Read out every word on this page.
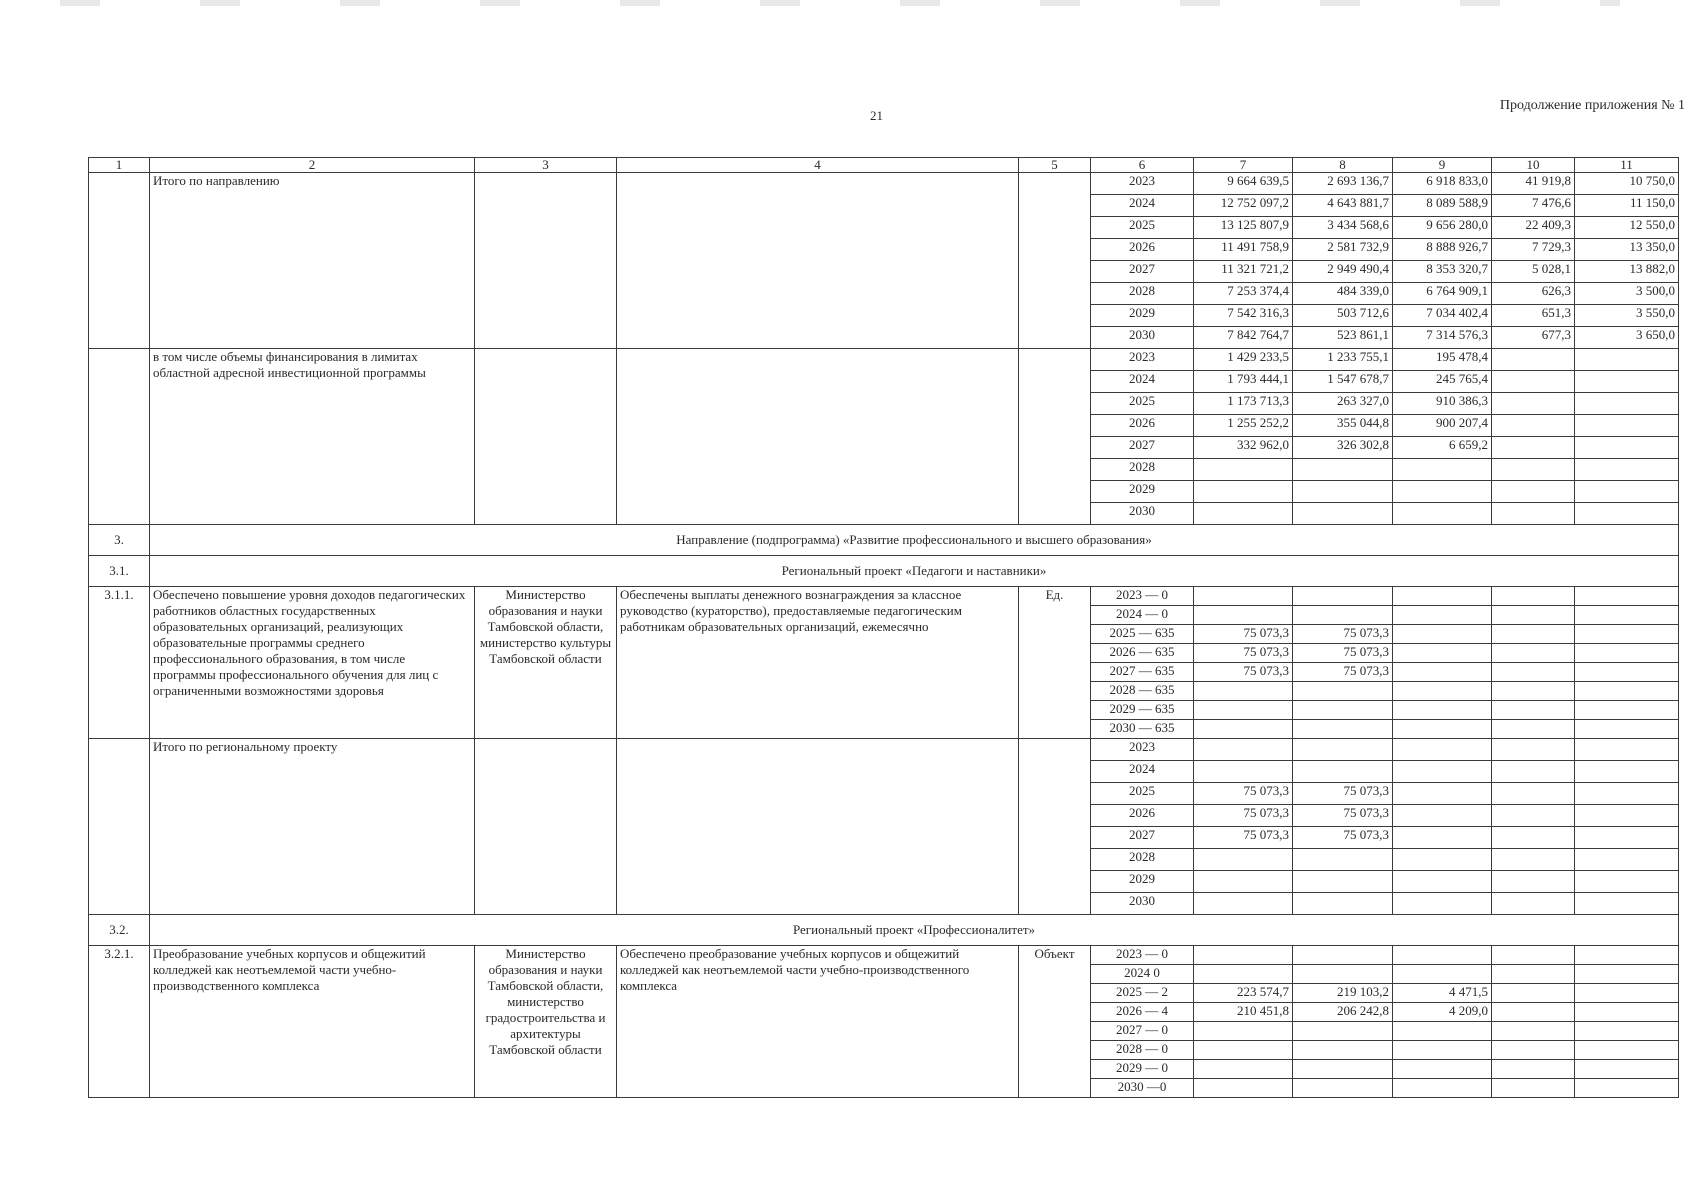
21
Продолжение приложения № 1
1	2	3	4	5	6	7	8	9	10	11
	Итого по направлению				2023	9 664 639,5	2 693 136,7	6 918 833,0	41 919,8	10 750,0
					2024	12 752 097,2	4 643 881,7	8 089 588,9	7 476,6	11 150,0
					2025	13 125 807,9	3 434 568,6	9 656 280,0	22 409,3	12 550,0
					2026	11 491 758,9	2 581 732,9	8 888 926,7	7 729,3	13 350,0
					2027	11 321 721,2	2 949 490,4	8 353 320,7	5 028,1	13 882,0
					2028	7 253 374,4	484 339,0	6 764 909,1	626,3	3 500,0
					2029	7 542 316,3	503 712,6	7 034 402,4	651,3	3 550,0
					2030	7 842 764,7	523 861,1	7 314 576,3	677,3	3 650,0
	в том числе объемы финансирования в лимитах областной адресной инвестиционной программы				2023	1 429 233,5	1 233 755,1	195 478,4		
					2024	1 793 444,1	1 547 678,7	245 765,4		
					2025	1 173 713,3	263 327,0	910 386,3		
					2026	1 255 252,2	355 044,8	900 207,4		
					2027	332 962,0	326 302,8	6 659,2		
					2028					
					2029					
					2030					
3.	Направление (подпрограмма) «Развитие профессионального и высшего образования»									
3.1.	Региональный проект «Педагоги и наставники»									
3.1.1.	Обеспечено повышение уровня доходов педагогических работников областных государственных образовательных организаций, реализующих образовательные программы среднего профессионального образования, в том числе программы профессионального обучения для лиц с ограниченными возможностями здоровья	Министерство образования и науки Тамбовской области, министерство культуры Тамбовской области	Обеспечены выплаты денежного вознаграждения за классное руководство (кураторство), предоставляемые педагогическим работникам образовательных организаций, ежемесячно	Ед.	2023 — 0					
					2024 — 0					
					2025 — 635	75 073,3	75 073,3			
					2026 — 635	75 073,3	75 073,3			
					2027 — 635	75 073,3	75 073,3			
					2028 — 635					
					2029 — 635					
					2030 — 635					
	Итого по региональному проекту				2023					
					2024					
					2025	75 073,3	75 073,3			
					2026	75 073,3	75 073,3			
					2027	75 073,3	75 073,3			
					2028					
					2029					
					2030					
3.2.	Региональный проект «Профессионалитет»									
3.2.1.	Преобразование учебных корпусов и общежитий колледжей как неотъемлемой части учебно-производственного комплекса	Министерство образования и науки Тамбовской области, министерство градостроительства и архитектуры Тамбовской области	Обеспечено преобразование учебных корпусов и общежитий колледжей как неотъемлемой части учебно-производственного комплекса	Объект	2023 — 0					
					2024 0					
					2025 — 2	223 574,7	219 103,2	4 471,5		
					2026 — 4	210 451,8	206 242,8	4 209,0		
					2027 — 0					
					2028 — 0					
					2029 — 0					
					2030 —0					
